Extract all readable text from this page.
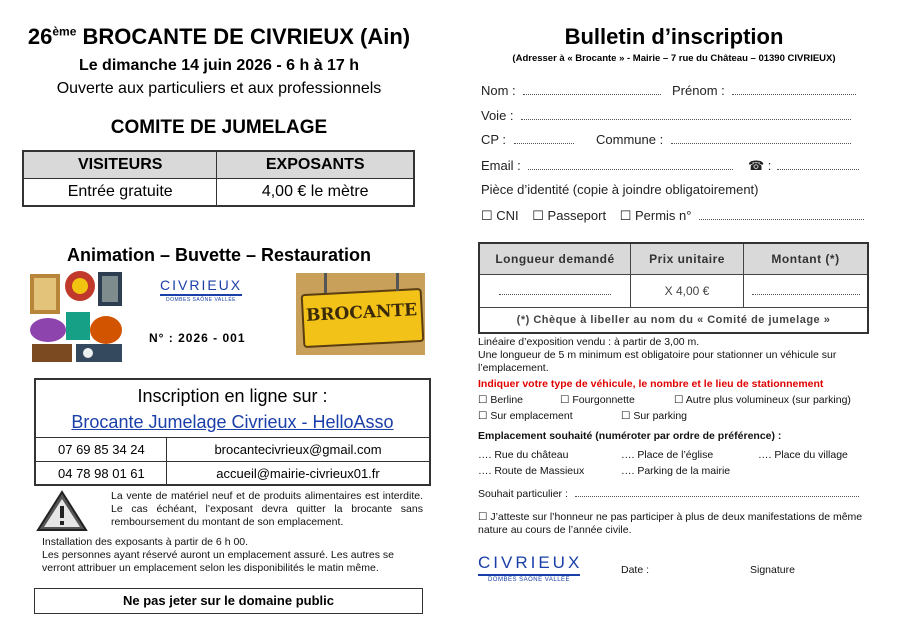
26ème BROCANTE DE CIVRIEUX (Ain)
Le dimanche 14 juin 2026 - 6 h à 17 h
Ouverte aux particuliers et aux professionnels
COMITE DE JUMELAGE
VISITEURS	EXPOSANTS
Entrée gratuite	4,00 € le mètre
Animation – Buvette – Restauration
CIVRIEUX
DOMBES SAÔNE VALLÉE
N° : 2026 - 001
BROCANTE
Inscription en ligne sur :
Brocante Jumelage Civrieux - HelloAsso
07 69 85 34 24	brocantecivrieux@gmail.com
04 78 98 01 61	accueil@mairie-civrieux01.fr
La vente de matériel neuf et de produits alimentaires est interdite. Le cas échéant, l’exposant devra quitter la brocante sans remboursement du montant de son emplacement.
Installation des exposants à partir de 6 h 00.
Les personnes ayant réservé auront un emplacement assuré. Les autres se verront attribuer un emplacement selon les disponibilités le matin même.
Ne pas jeter sur le domaine public
Bulletin d’inscription
(Adresser à « Brocante » - Mairie – 7 rue du Château – 01390 CIVRIEUX)
Nom :	Prénom :
Voie :
CP :	Commune :
Email :	☎ :
Pièce d’identité (copie à joindre obligatoirement)
☐ CNI ☐ Passeport ☐ Permis n°
Longueur demandé	Prix unitaire	Montant (*)
	X 4,00 €	
(*) Chèque à libeller au nom du « Comité de jumelage »		
Linéaire d’exposition vendu : à partir de 3,00 m.
Une longueur de 5 m minimum est obligatoire pour stationner un véhicule sur l’emplacement.
Indiquer votre type de véhicule, le nombre et le lieu de stationnement
☐ Berline	☐ Fourgonnette	☐ Autre plus volumineux (sur parking)
☐ Sur emplacement	☐ Sur parking
Emplacement souhaité (numéroter par ordre de préférence) :
…. Rue du château	…. Place de l’église	…. Place du village
…. Route de Massieux	…. Parking de la mairie
Souhait particulier :
☐ J’atteste sur l’honneur ne pas participer à plus de deux manifestations de même nature au cours de l’année civile.
CIVRIEUX
DOMBES SAÔNE VALLÉE
Date :	Signature
